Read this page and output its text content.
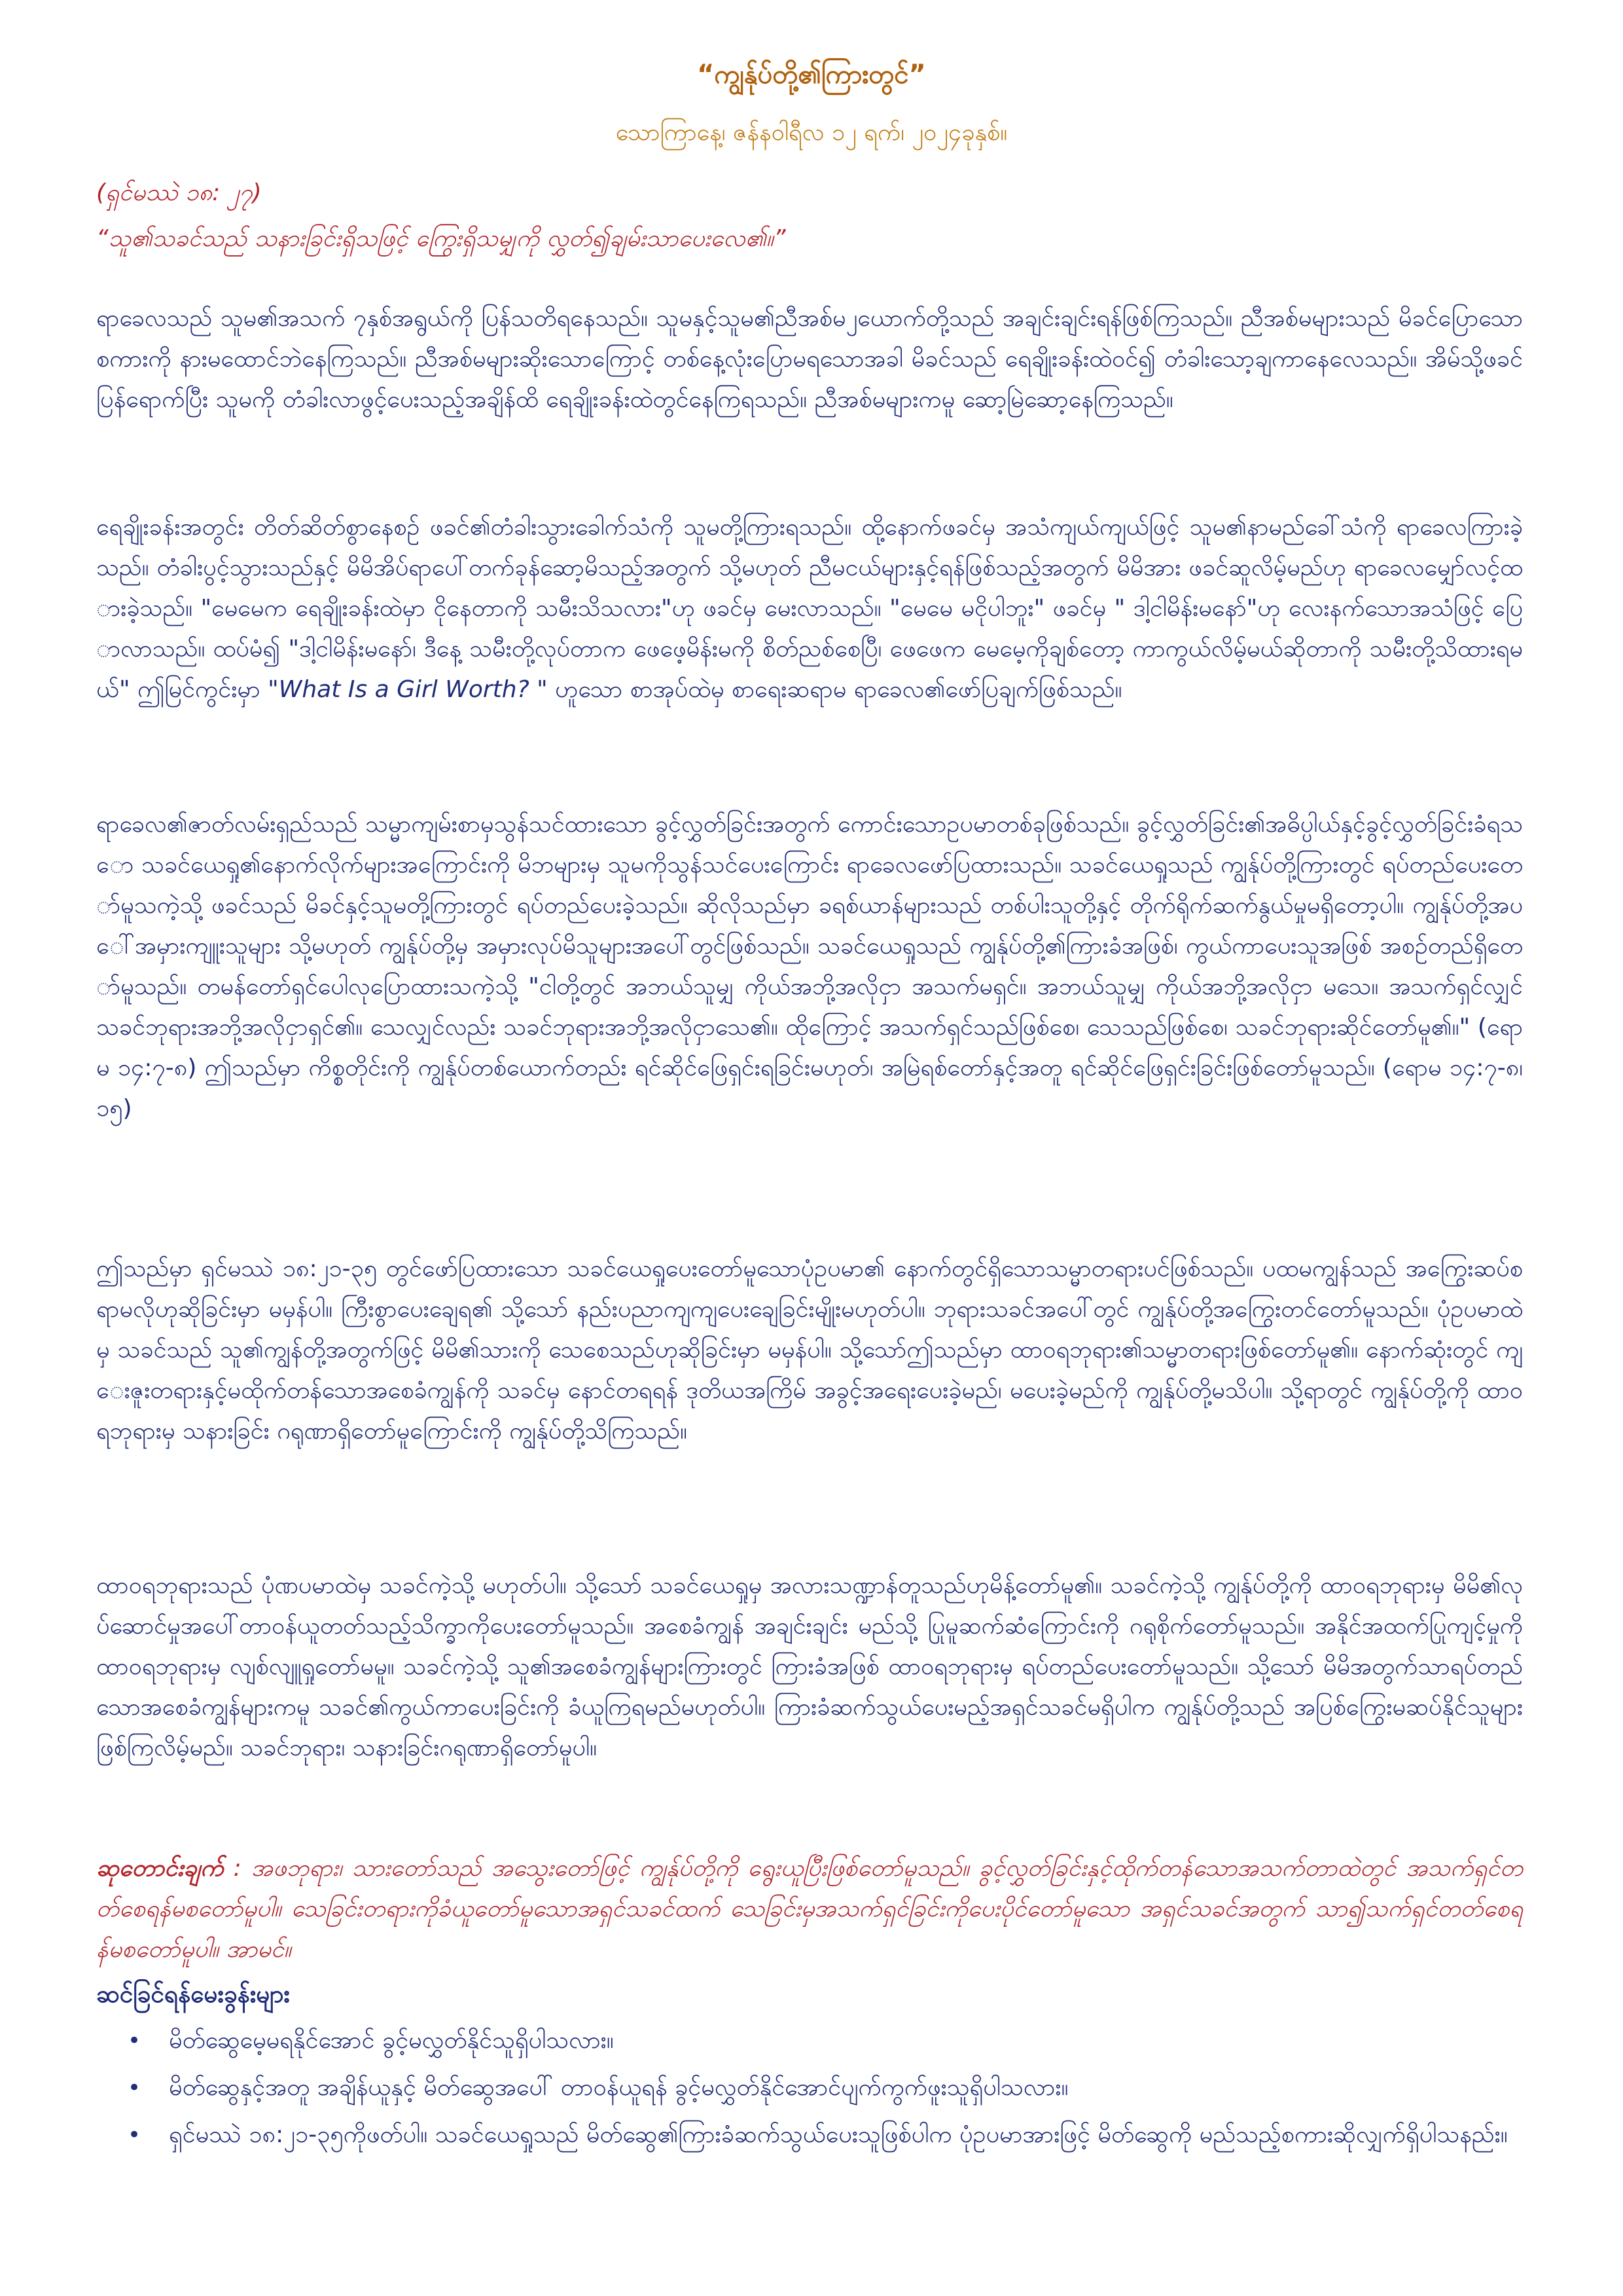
“ကျွန်ုပ်တို့၏ကြားတွင်”
သောကြာနေ့၊ ဇန်နဝါရီလ ၁၂ ရက်၊ ၂၀၂၄ခုနှစ်။
(ရှင်မဿဲ ၁၈: ၂၇)
“သူ၏သခင်သည် သနားခြင်းရှိသဖြင့် ကြွေးရှိသမျှကို လွှတ်၍ချမ်းသာပေးလေ၏။”

ရာခေလသည် သူမ၏အသက် ၇နှစ်အရွယ်ကို ပြန်သတိရနေသည်။ သူမနှင့်သူမ၏ညီအစ်မ၂ယောက်တို့သည် အချင်းချင်းရန်ဖြစ်ကြသည်။ ညီအစ်မများသည် မိခင်ပြောသောစကားကို နားမထောင်ဘဲနေကြသည်။ ညီအစ်မများဆိုးသောကြောင့် တစ်နေ့လုံးပြောမရသောအခါ မိခင်သည် ရေချိုးခန်းထဲဝင်၍ တံခါးသော့ချကာနေလေသည်။ အိမ်သို့ဖခင်ပြန်ရောက်ပြီး သူမကို တံခါးလာဖွင့်ပေးသည့်အချိန်ထိ ရေချိုးခန်းထဲတွင်နေကြရသည်။ ညီအစ်မများကမူ ဆော့မြဲဆော့နေကြသည်။

ရေချိုးခန်းအတွင်း တိတ်ဆိတ်စွာနေစဉ် ဖခင်၏တံခါးသွားခေါက်သံကို သူမတို့ကြားရသည်။ ထို့နောက်ဖခင်မှ အသံကျယ်ကျယ်ဖြင့် သူမ၏နာမည်ခေါ်သံကို ရာခေလကြားခဲ့သည်။ တံခါးပွင့်သွားသည်နှင့် မိမိအိပ်ရာပေါ်တက်ခုန်ဆော့မိသည့်အတွက် သို့မဟုတ် ညီမငယ်များနှင့်ရန်ဖြစ်သည့်အတွက် မိမိအား ဖခင်ဆူလိမ့်မည်ဟု ရာခေလမျှော်လင့်ထားခဲ့သည်။ "မေမေက ရေချိုးခန်းထဲမှာ ငိုနေတာကို သမီးသိသလား"ဟု ဖခင်မှ မေးလာသည်။ "မေမေ မငိုပါဘူး" ဖခင်မှ " ဒါ့ငါမိန်းမနော်"ဟု လေးနက်သောအသံဖြင့် ပြောလာသည်။ ထပ်မံ၍ "ဒါ့ငါမိန်းမနော်၊ ဒီနေ့ သမီးတို့လုပ်တာက ဖေဖေ့မိန်းမကို စိတ်ညစ်စေပြီ၊ ဖေဖေက မေမေ့ကိုချစ်တော့ ကာကွယ်လိမ့်မယ်ဆိုတာကို သမီးတို့သိထားရမယ်" ဤမြင်ကွင်းမှာ "What Is a Girl Worth? " ဟူသော စာအုပ်ထဲမှ စာရေးဆရာမ ရာခေလ၏ဖော်ပြချက်ဖြစ်သည်။

ရာခေလ၏ဇာတ်လမ်းရှည်သည် သမ္မာကျမ်းစာမှသွန်သင်ထားသော ခွင့်လွှတ်ခြင်းအတွက် ကောင်းသောဥပမာတစ်ခုဖြစ်သည်။ ခွင့်လွှတ်ခြင်း၏အဓိပ္ပါယ်နှင့်ခွင့်လွှတ်ခြင်းခံရသော သခင်ယေရှု၏နောက်လိုက်များအကြောင်းကို မိဘများမှ သူမကိုသွန်သင်ပေးကြောင်း ရာခေလဖော်ပြထားသည်။ သခင်ယေရှုသည် ကျွန်ုပ်တို့ကြားတွင် ရပ်တည်ပေးတော်မူသကဲ့သို့ ဖခင်သည် မိခင်နှင့်သူမတို့ကြားတွင် ရပ်တည်ပေးခဲ့သည်။ ဆိုလိုသည်မှာ ခရစ်ယာန်များသည် တစ်ပါးသူတို့နှင့် တိုက်ရိုက်ဆက်နွယ်မှုမရှိတော့ပါ။ ကျွန်ုပ်တို့အပေါ်အမှားကျူးသူများ သို့မဟုတ် ကျွန်ုပ်တို့မှ အမှားလုပ်မိသူများအပေါ်တွင်ဖြစ်သည်။ သခင်ယေရှုသည် ကျွန်ုပ်တို့၏ကြားခံအဖြစ်၊ ကွယ်ကာပေးသူအဖြစ် အစဉ်တည်ရှိတော်မူသည်။ တမန်တော်ရှင်ပေါလုပြောထားသကဲ့သို့ "ငါတို့တွင် အဘယ်သူမျှ ကိုယ်အဘို့အလိုငှာ အသက်မရှင်။ အဘယ်သူမျှ ကိုယ်အဘို့အလိုငှာ မသေ။ အသက်ရှင်လျှင် သခင်ဘုရားအဘို့အလိုငှာရှင်၏။ သေလျှင်လည်း သခင်ဘုရားအဘို့အလိုငှာသေ၏။ ထိုကြောင့် အသက်ရှင်သည်ဖြစ်စေ၊ သေသည်ဖြစ်စေ၊ သခင်ဘုရားဆိုင်တော်မူ၏။" (ရောမ ၁၄:၇-၈) ဤသည်မှာ ကိစ္စတိုင်းကို ကျွန်ုပ်တစ်ယောက်တည်း ရင်ဆိုင်ဖြေရှင်းရခြင်းမဟုတ်၊ အမြဲရစ်တော်နှင့်အတူ ရင်ဆိုင်ဖြေရှင်းခြင်းဖြစ်တော်မူသည်။ (ရောမ ၁၄:၇-၈၊ ၁၅)

ဤသည်မှာ ရှင်မဿဲ ၁၈:၂၁-၃၅ တွင်ဖော်ပြထားသော သခင်ယေရှုပေးတော်မူသောပုံဥပမာ၏ နောက်တွင်ရှိသောသမ္မာတရားပင်ဖြစ်သည်။ ပထမကျွန်သည် အကြွေးဆပ်စရာမလိုဟုဆိုခြင်းမှာ မမှန်ပါ။ ကြီးစွာပေးချေရ၏ သို့သော် နည်းပညာကျကျပေးချေခြင်းမျိုးမဟုတ်ပါ။ ဘုရားသခင်အပေါ်တွင် ကျွန်ုပ်တို့အကြွေးတင်တော်မူသည်။ ပုံဥပမာထဲမှ သခင်သည် သူ၏ကျွန်တို့အတွက်ဖြင့် မိမိ၏သားကို သေစေသည်ဟုဆိုခြင်းမှာ မမှန်ပါ။ သို့သော်ဤသည်မှာ ထာဝရဘုရား၏သမ္မာတရားဖြစ်တော်မူ၏။ နောက်ဆုံးတွင် ကျေးဇူးတရားနှင့်မထိုက်တန်သောအစေခံကျွန်ကို သခင်မှ နောင်တရရန် ဒုတိယအကြိမ် အခွင့်အရေးပေးခဲ့မည်၊ မပေးခဲ့မည်ကို ကျွန်ုပ်တို့မသိပါ။ သို့ရာတွင် ကျွန်ုပ်တို့ကို ထာဝရဘုရားမှ သနားခြင်း ဂရုဏာရှိတော်မူကြောင်းကို ကျွန်ုပ်တို့သိကြသည်။

ထာဝရဘုရားသည် ပုံဏပမာထဲမှ သခင်ကဲ့သို့ မဟုတ်ပါ။ သို့သော် သခင်ယေရှုမှ အလားသဏ္ဍာန်တူသည်ဟုမိန့်တော်မူ၏။ သခင်ကဲ့သို့ ကျွန်ုပ်တို့ကို ထာဝရဘုရားမှ မိမိ၏လုပ်ဆောင်မှုအပေါ်တာဝန်ယူတတ်သည့်သိက္ခာကိုပေးတော်မူသည်။ အစေခံကျွန် အချင်းချင်း မည်သို့ ပြုမူဆက်ဆံကြောင်းကို ဂရုစိုက်တော်မူသည်။ အနိုင်အထက်ပြုကျင့်မှုကို ထာဝရဘုရားမှ လျစ်လျူရှုတော်မမူ။ သခင်ကဲ့သို့ သူ၏အစေခံကျွန်များကြားတွင် ကြားခံအဖြစ် ထာဝရဘုရားမှ ရပ်တည်ပေးတော်မူသည်။ သို့သော် မိမိအတွက်သာရပ်တည်သောအစေခံကျွန်များကမူ သခင်၏ကွယ်ကာပေးခြင်းကို ခံယူကြရမည်မဟုတ်ပါ။ ကြားခံဆက်သွယ်ပေးမည့်အရှင်သခင်မရှိပါက ကျွန်ုပ်တို့သည် အပြစ်ကြွေးမဆပ်နိုင်သူများဖြစ်ကြလိမ့်မည်။ သခင်ဘုရား၊ သနားခြင်းဂရုဏာရှိတော်မူပါ။

ဆုတောင်းချက် : အဖဘုရား၊ သားတော်သည် အသွေးတော်ဖြင့် ကျွန်ုပ်တို့ကို ရွေးယူပြီးဖြစ်တော်မူသည်။ ခွင့်လွှတ်ခြင်းနှင့်ထိုက်တန်သောအသက်တာထဲတွင် အသက်ရှင်တတ်စေရန်မစတော်မူပါ။ သေခြင်းတရားကိုခံယူတော်မူသောအရှင်သခင်ထက် သေခြင်းမှအသက်ရှင်ခြင်းကိုပေးပိုင်တော်မူသော အရှင်သခင်အတွက် သာ၍သက်ရှင်တတ်စေရန်မစတော်မူပါ။ အာမင်။

ဆင်ခြင်ရန်မေးခွန်းများ
• မိတ်ဆွေမေ့မရနိုင်အောင် ခွင့်မလွှတ်နိုင်သူရှိပါသလား။
• မိတ်ဆွေနှင့်အတူ အချိန်ယူနှင့် မိတ်ဆွေအပေါ် တာဝန်ယူရန် ခွင့်မလွှတ်နိုင်အောင်ပျက်ကွက်ဖူးသူရှိပါသလား။
• ရှင်မဿဲ ၁၈:၂၁-၃၅ကိုဖတ်ပါ။ သခင်ယေရှုသည် မိတ်ဆွေ၏ကြားခံဆက်သွယ်ပေးသူဖြစ်ပါက ပုံဥပမာအားဖြင့် မိတ်ဆွေကို မည်သည့်စကားဆိုလျှက်ရှိပါသနည်း။
